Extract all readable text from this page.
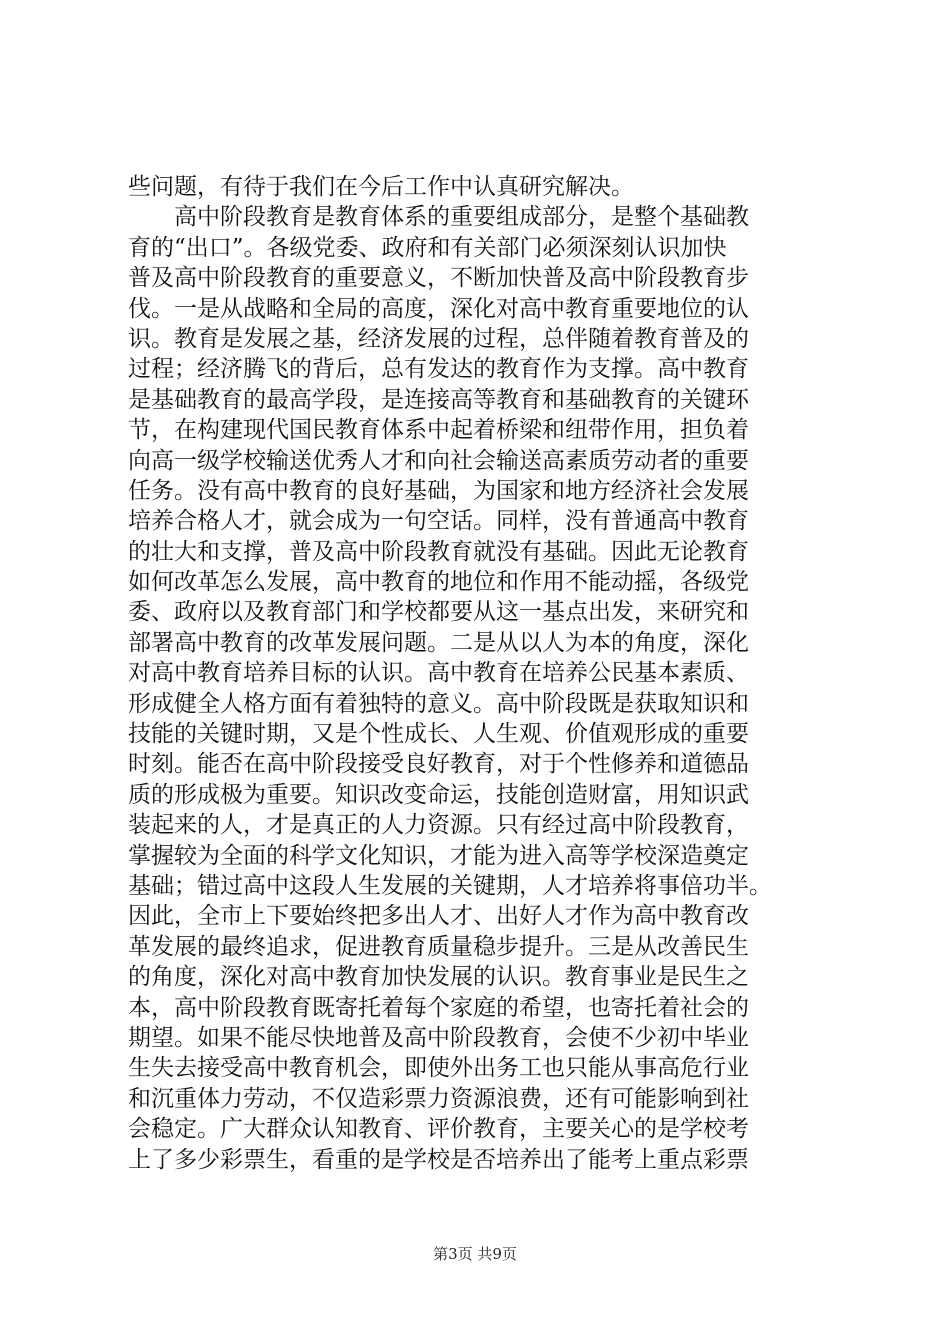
些问题，有待于我们在今后工作中认真研究解决。
高中阶段教育是教育体系的重要组成部分，是整个基础教
育的“出口”。各级党委、政府和有关部门必须深刻认识加快
普及高中阶段教育的重要意义，不断加快普及高中阶段教育步
伐。一是从战略和全局的高度，深化对高中教育重要地位的认
识。教育是发展之基，经济发展的过程，总伴随着教育普及的
过程；经济腾飞的背后，总有发达的教育作为支撑。高中教育
是基础教育的最高学段，是连接高等教育和基础教育的关键环
节，在构建现代国民教育体系中起着桥梁和纽带作用，担负着
向高一级学校输送优秀人才和向社会输送高素质劳动者的重要
任务。没有高中教育的良好基础，为国家和地方经济社会发展
培养合格人才，就会成为一句空话。同样，没有普通高中教育
的壮大和支撑，普及高中阶段教育就没有基础。因此无论教育
如何改革怎么发展，高中教育的地位和作用不能动摇，各级党
委、政府以及教育部门和学校都要从这一基点出发，来研究和
部署高中教育的改革发展问题。二是从以人为本的角度，深化
对高中教育培养目标的认识。高中教育在培养公民基本素质、
形成健全人格方面有着独特的意义。高中阶段既是获取知识和
技能的关键时期，又是个性成长、人生观、价值观形成的重要
时刻。能否在高中阶段接受良好教育，对于个性修养和道德品
质的形成极为重要。知识改变命运，技能创造财富，用知识武
装起来的人，才是真正的人力资源。只有经过高中阶段教育，
掌握较为全面的科学文化知识，才能为进入高等学校深造奠定
基础；错过高中这段人生发展的关键期，人才培养将事倍功半。
因此，全市上下要始终把多出人才、出好人才作为高中教育改
革发展的最终追求，促进教育质量稳步提升。三是从改善民生
的角度，深化对高中教育加快发展的认识。教育事业是民生之
本，高中阶段教育既寄托着每个家庭的希望，也寄托着社会的
期望。如果不能尽快地普及高中阶段教育，会使不少初中毕业
生失去接受高中教育机会，即使外出务工也只能从事高危行业
和沉重体力劳动，不仅造彩票力资源浪费，还有可能影响到社
会稳定。广大群众认知教育、评价教育，主要关心的是学校考
上了多少彩票生，看重的是学校是否培养出了能考上重点彩票
第3页 共9页
